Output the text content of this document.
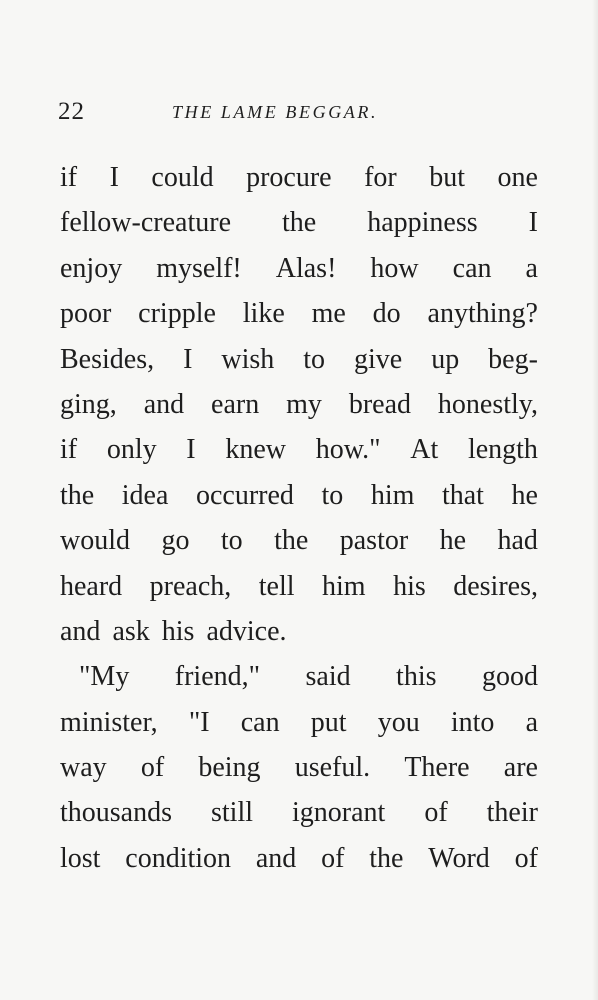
22	THE LAME BEGGAR.
if I could procure for but one
fellow-creature the happiness I
enjoy myself! Alas! how can a
poor cripple like me do anything?
Besides, I wish to give up beg-
ging, and earn my bread honestly,
if only I knew how." At length
the idea occurred to him that he
would go to the pastor he had
heard preach, tell him his desires,
and ask his advice.
"My friend," said this good
minister, "I can put you into a
way of being useful. There are
thousands still ignorant of their
lost condition and of the Word of
